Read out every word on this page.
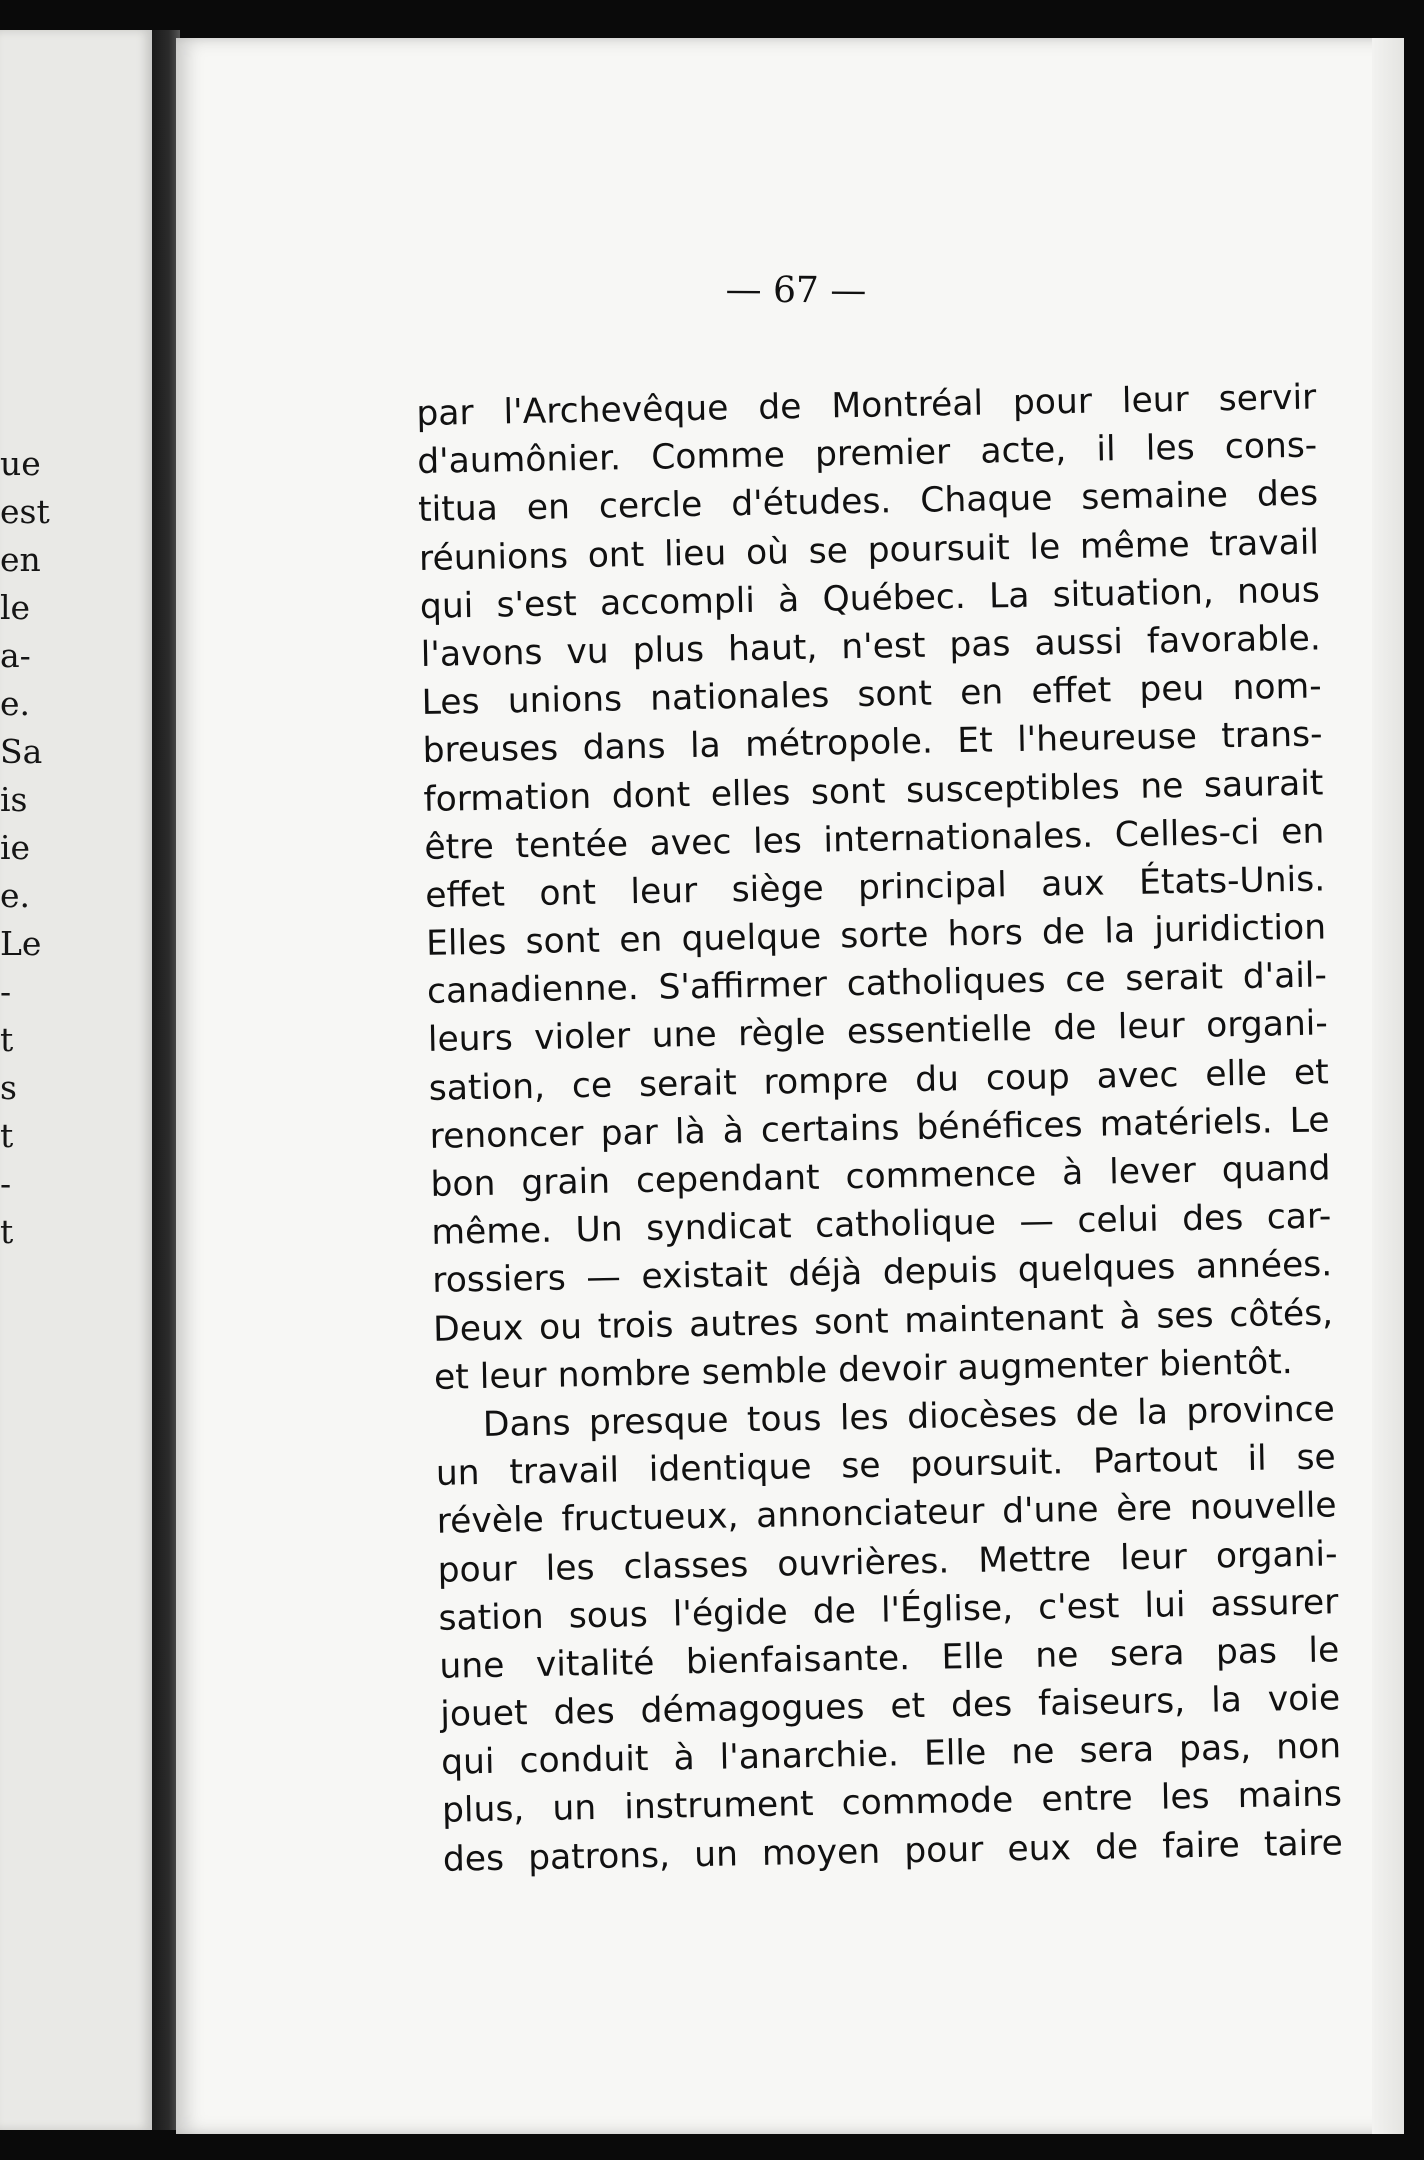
ue
est
en
le
a-
e.
Sa
is
ie
e.
Le
-
t
s
t
-
t
— 67 —
par l'Archevêque de Montréal pour leur servir
d'aumônier. Comme premier acte, il les cons-
titua en cercle d'études. Chaque semaine des
réunions ont lieu où se poursuit le même travail
qui s'est accompli à Québec. La situation, nous
l'avons vu plus haut, n'est pas aussi favorable.
Les unions nationales sont en effet peu nom-
breuses dans la métropole. Et l'heureuse trans-
formation dont elles sont susceptibles ne saurait
être tentée avec les internationales. Celles-ci en
effet ont leur siège principal aux États-Unis.
Elles sont en quelque sorte hors de la juridiction
canadienne. S'affirmer catholiques ce serait d'ail-
leurs violer une règle essentielle de leur organi-
sation, ce serait rompre du coup avec elle et
renoncer par là à certains bénéfices matériels. Le
bon grain cependant commence à lever quand
même. Un syndicat catholique — celui des car-
rossiers — existait déjà depuis quelques années.
Deux ou trois autres sont maintenant à ses côtés,
et leur nombre semble devoir augmenter bientôt.
Dans presque tous les diocèses de la province
un travail identique se poursuit. Partout il se
révèle fructueux, annonciateur d'une ère nouvelle
pour les classes ouvrières. Mettre leur organi-
sation sous l'égide de l'Église, c'est lui assurer
une vitalité bienfaisante. Elle ne sera pas le
jouet des démagogues et des faiseurs, la voie
qui conduit à l'anarchie. Elle ne sera pas, non
plus, un instrument commode entre les mains
des patrons, un moyen pour eux de faire taire
